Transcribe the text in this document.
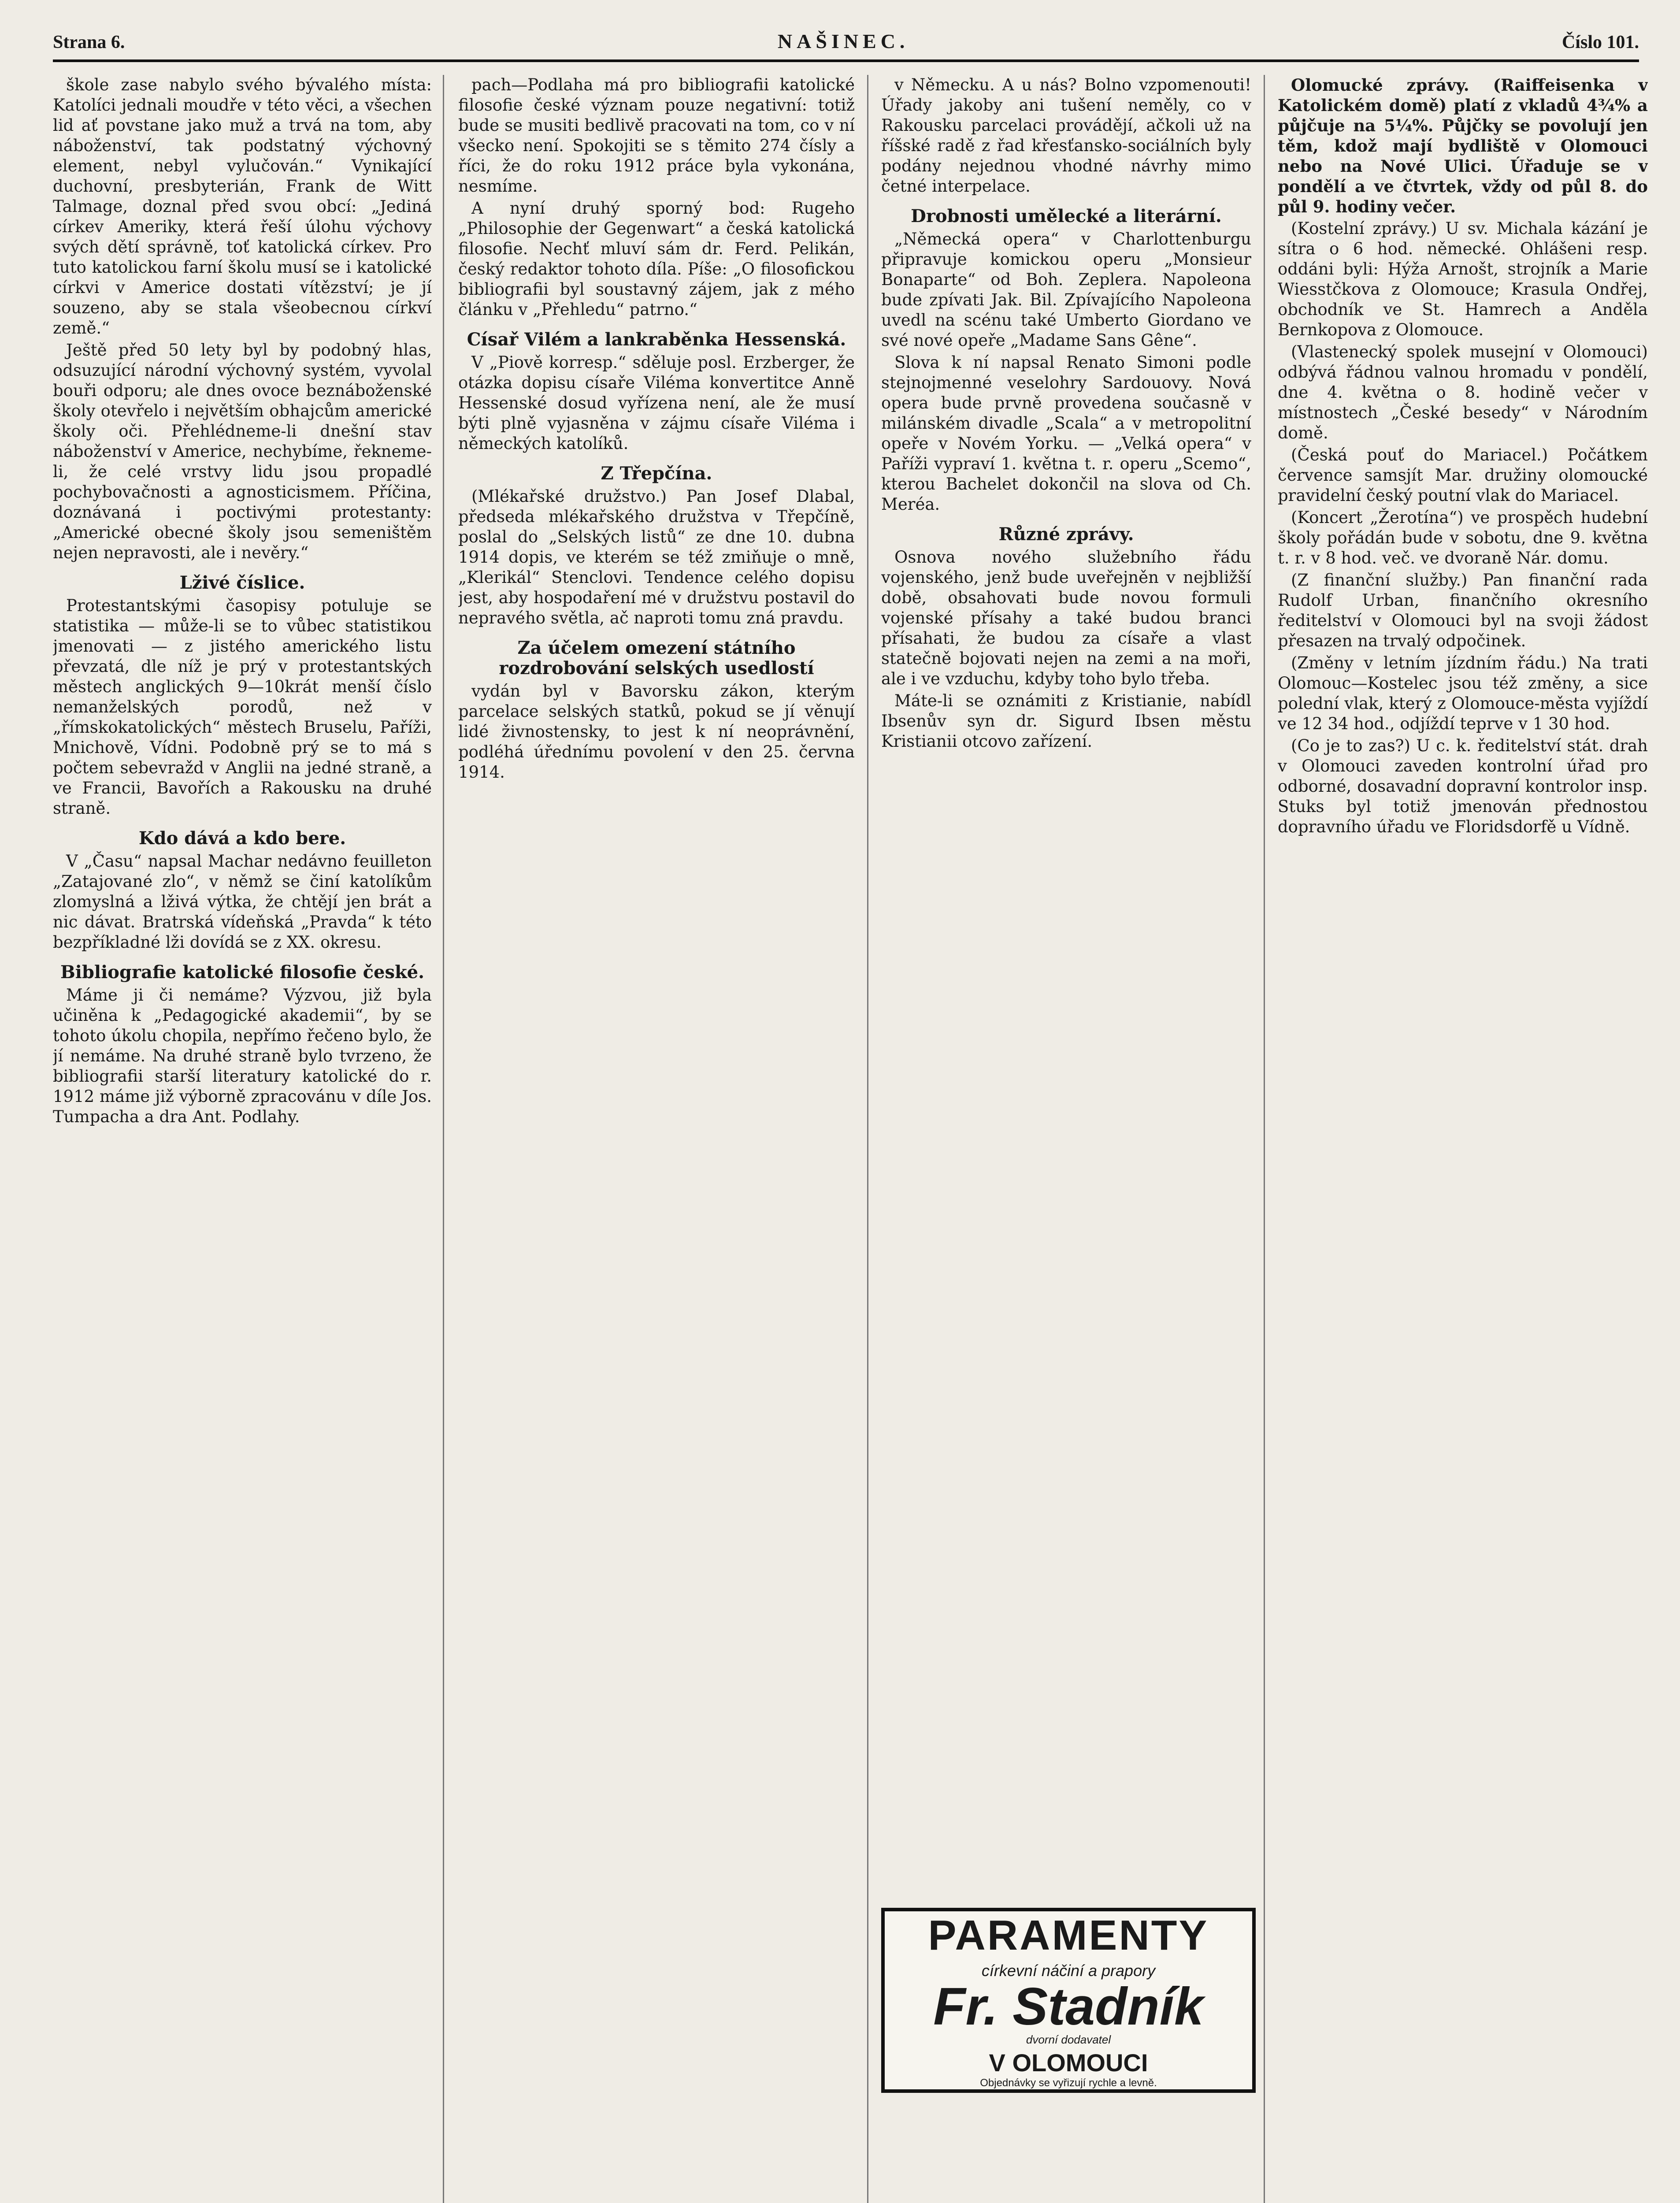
Strana 6.	NAŠINEC.	Číslo 101.

škole zase nabylo svého bývalého místa: Katolíci jednali moudře v této věci, a všechen lid ať povstane jako muž a trvá na tom, aby náboženství, tak podstatný výchovný element, nebyl vylučován.“ Vynikající duchovní, presbyterián, Frank de Witt Talmage, doznal před svou obcí: „Jediná církev Ameriky, která řeší úlohu výchovy svých dětí správně, toť katolická církev. Pro tuto katolickou farní školu musí se i katolické církvi v Americe dostati vítězství; je jí souzeno, aby se stala všeobecnou církví země.“

Ještě před 50 lety byl by podobný hlas, odsuzující národní výchovný systém, vyvolal bouři odporu; ale dnes ovoce beznáboženské školy otevřelo i největším obhajcům americké školy oči. Přehlédneme-li dnešní stav náboženství v Americe, nechybíme, řekneme-li, že celé vrstvy lidu jsou propadlé pochybovačnosti a agnosticismem. Příčina, doznávaná i poctivými protestanty: „Americké obecné školy jsou semeništěm nejen nepravosti, ale i nevěry.“

Lživé číslice.

Protestantskými časopisy potuluje se statistika — může-li se to vůbec statistikou jmenovati — z jistého amerického listu převzatá, dle níž je prý v protestantských městech anglických 9—10krát menší číslo nemanželských porodů, než v „římskokatolických“ městech Bruselu, Paříži, Mnichově, Vídni. Podobně prý se to má s počtem sebevražd v Anglii na jedné straně, a ve Francii, Bavořích a Rakousku na druhé straně.

Kdo dává a kdo bere.

V „Času“ napsal Machar nedávno feuilleton „Zatajované zlo“, v němž se činí katolíkům zlomyslná a lživá výtka, že chtějí jen brát a nic dávat. Bratrská vídeňská „Pravda“ k této bezpříkladné lži dovídá se z XX. okresu.

Bibliografie katolické filosofie české.

Máme ji či nemáme? Výzvou, již byla učiněna k „Pedagogické akademii“, by se tohoto úkolu chopila, nepřímo řečeno bylo, že jí nemáme. Na druhé straně bylo tvrzeno, že bibliografii starší literatury katolické do r. 1912 máme již výborně zpracovánu v díle Jos. Tumpacha a dra Ant. Podlahy.

pach—Podlaha má pro bibliografii katolické filosofie české význam pouze negativní: totiž bude se musiti bedlivě pracovati na tom, co v ní všecko není. Spokojiti se s těmito 274 čísly a říci, že do roku 1912 práce byla vykonána, nesmíme.

A nyní druhý sporný bod: Rugeho „Philosophie der Gegenwart“ a česká katolická filosofie. Nechť mluví sám dr. Ferd. Pelikán, český redaktor tohoto díla. Píše: „O filosofickou bibliografii byl soustavný zájem, jak z mého článku v „Přehledu“ patrno.“

Císař Vilém a lankraběnka Hessenská.

V „Piově korresp.“ sděluje posl. Erzberger, že otázka dopisu císaře Viléma konvertitce Anně Hessenské dosud vyřízena není, ale že musí býti plně vyjasněna v zájmu císaře Viléma i německých katolíků.

Z Třepčína.

(Mlékařské družstvo.) Pan Josef Dlabal, předseda mlékařského družstva v Třepčíně, poslal do „Selských listů“ ze dne 10. dubna 1914 dopis, ve kterém se též zmiňuje o mně, „Klerikál“ Stenclovi. Tendence celého dopisu jest, aby hospodaření mé v družstvu postavil do nepravého světla, ač naproti tomu zná pravdu.

Za účelem omezení státního rozdrobování selských usedlostí

vydán byl v Bavorsku zákon, kterým parcelace selských statků, pokud se jí věnují lidé živnostensky, to jest k ní neoprávnění, podléhá úřednímu povolení v den 25. června 1914.

v Německu. A u nás? Bolno vzpomenouti! Úřady jakoby ani tušení neměly, co v Rakousku parcelaci provádějí, ačkoli už na říšské radě z řad křesťansko-sociálních byly podány nejednou vhodné návrhy mimo četné interpelace.

Drobnosti umělecké a literární.

„Německá opera“ v Charlottenburgu připravuje komickou operu „Monsieur Bonaparte“ od Boh. Zeplera. Napoleona bude zpívati Jak. Bil. Zpívajícího Napoleona uvedl na scénu také Umberto Giordano ve své nové opeře „Madame Sans Gêne“.

Slova k ní napsal Renato Simoni podle stejnojmenné veselohry Sardouovy. Nová opera bude prvně provedena současně v milánském divadle „Scala“ a v metropolitní opeře v Novém Yorku. — „Velká opera“ v Paříži vypraví 1. května t. r. operu „Scemo“, kterou Bachelet dokončil na slova od Ch. Meréa.

Různé zprávy.

Osnova nového služebního řádu vojenského, jenž bude uveřejněn v nejbližší době, obsahovati bude novou formuli vojenské přísahy a také budou branci přísahati, že budou za císaře a vlast statečně bojovati nejen na zemi a na moři, ale i ve vzduchu, kdyby toho bylo třeba.

Máte-li se oznámiti z Kristianie, nabídl Ibsenův syn dr. Sigurd Ibsen městu Kristianii otcovo zařízení.

PARAMENTY
církevní náčiní a prapory
Fr. Stadník
dvorní dodavatel
V OLOMOUCI
Objednávky se vyřizují rychle a levně.

Olomucké zprávy. (Raiffeisenka v Katolickém domě) platí z vkladů 4¾% a půjčuje na 5¼%. Půjčky se povolují jen těm, kdož mají bydliště v Olomouci nebo na Nové Ulici. Úřaduje se v pondělí a ve čtvrtek, vždy od půl 8. do půl 9. hodiny večer.

(Kostelní zprávy.) U sv. Michala kázání je sítra o 6 hod. německé. Ohlášeni resp. oddáni byli: Hýža Arnošt, strojník a Marie Wiesstčkova z Olomouce; Krasula Ondřej, obchodník ve St. Hamrech a Anděla Bernkopova z Olomouce.

(Vlastenecký spolek musejní v Olomouci) odbývá řádnou valnou hromadu v pondělí, dne 4. května o 8. hodině večer v místnostech „České besedy“ v Národním domě.

(Česká pouť do Mariacel.) Počátkem července samsjít Mar. družiny olomoucké pravidelní český poutní vlak do Mariacel.

(Koncert „Žerotína“) ve prospěch hudební školy pořádán bude v sobotu, dne 9. května t. r. v 8 hod. več. ve dvoraně Nár. domu.

(Z finanční služby.) Pan finanční rada Rudolf Urban, finančního okresního ředitelství v Olomouci byl na svoji žádost přesazen na trvalý odpočinek.

(Změny v letním jízdním řádu.) Na trati Olomouc—Kostelec jsou též změny, a sice polední vlak, který z Olomouce-města vyjíždí ve 12 34 hod., odjíždí teprve v 1 30 hod.

(Co je to zas?) U c. k. ředitelství stát. drah v Olomouci zaveden kontrolní úřad pro odborné, dosavadní dopravní kontrolor insp. Stuks byl totiž jmenován přednostou dopravního úřadu ve Floridsdorfě u Vídně.
